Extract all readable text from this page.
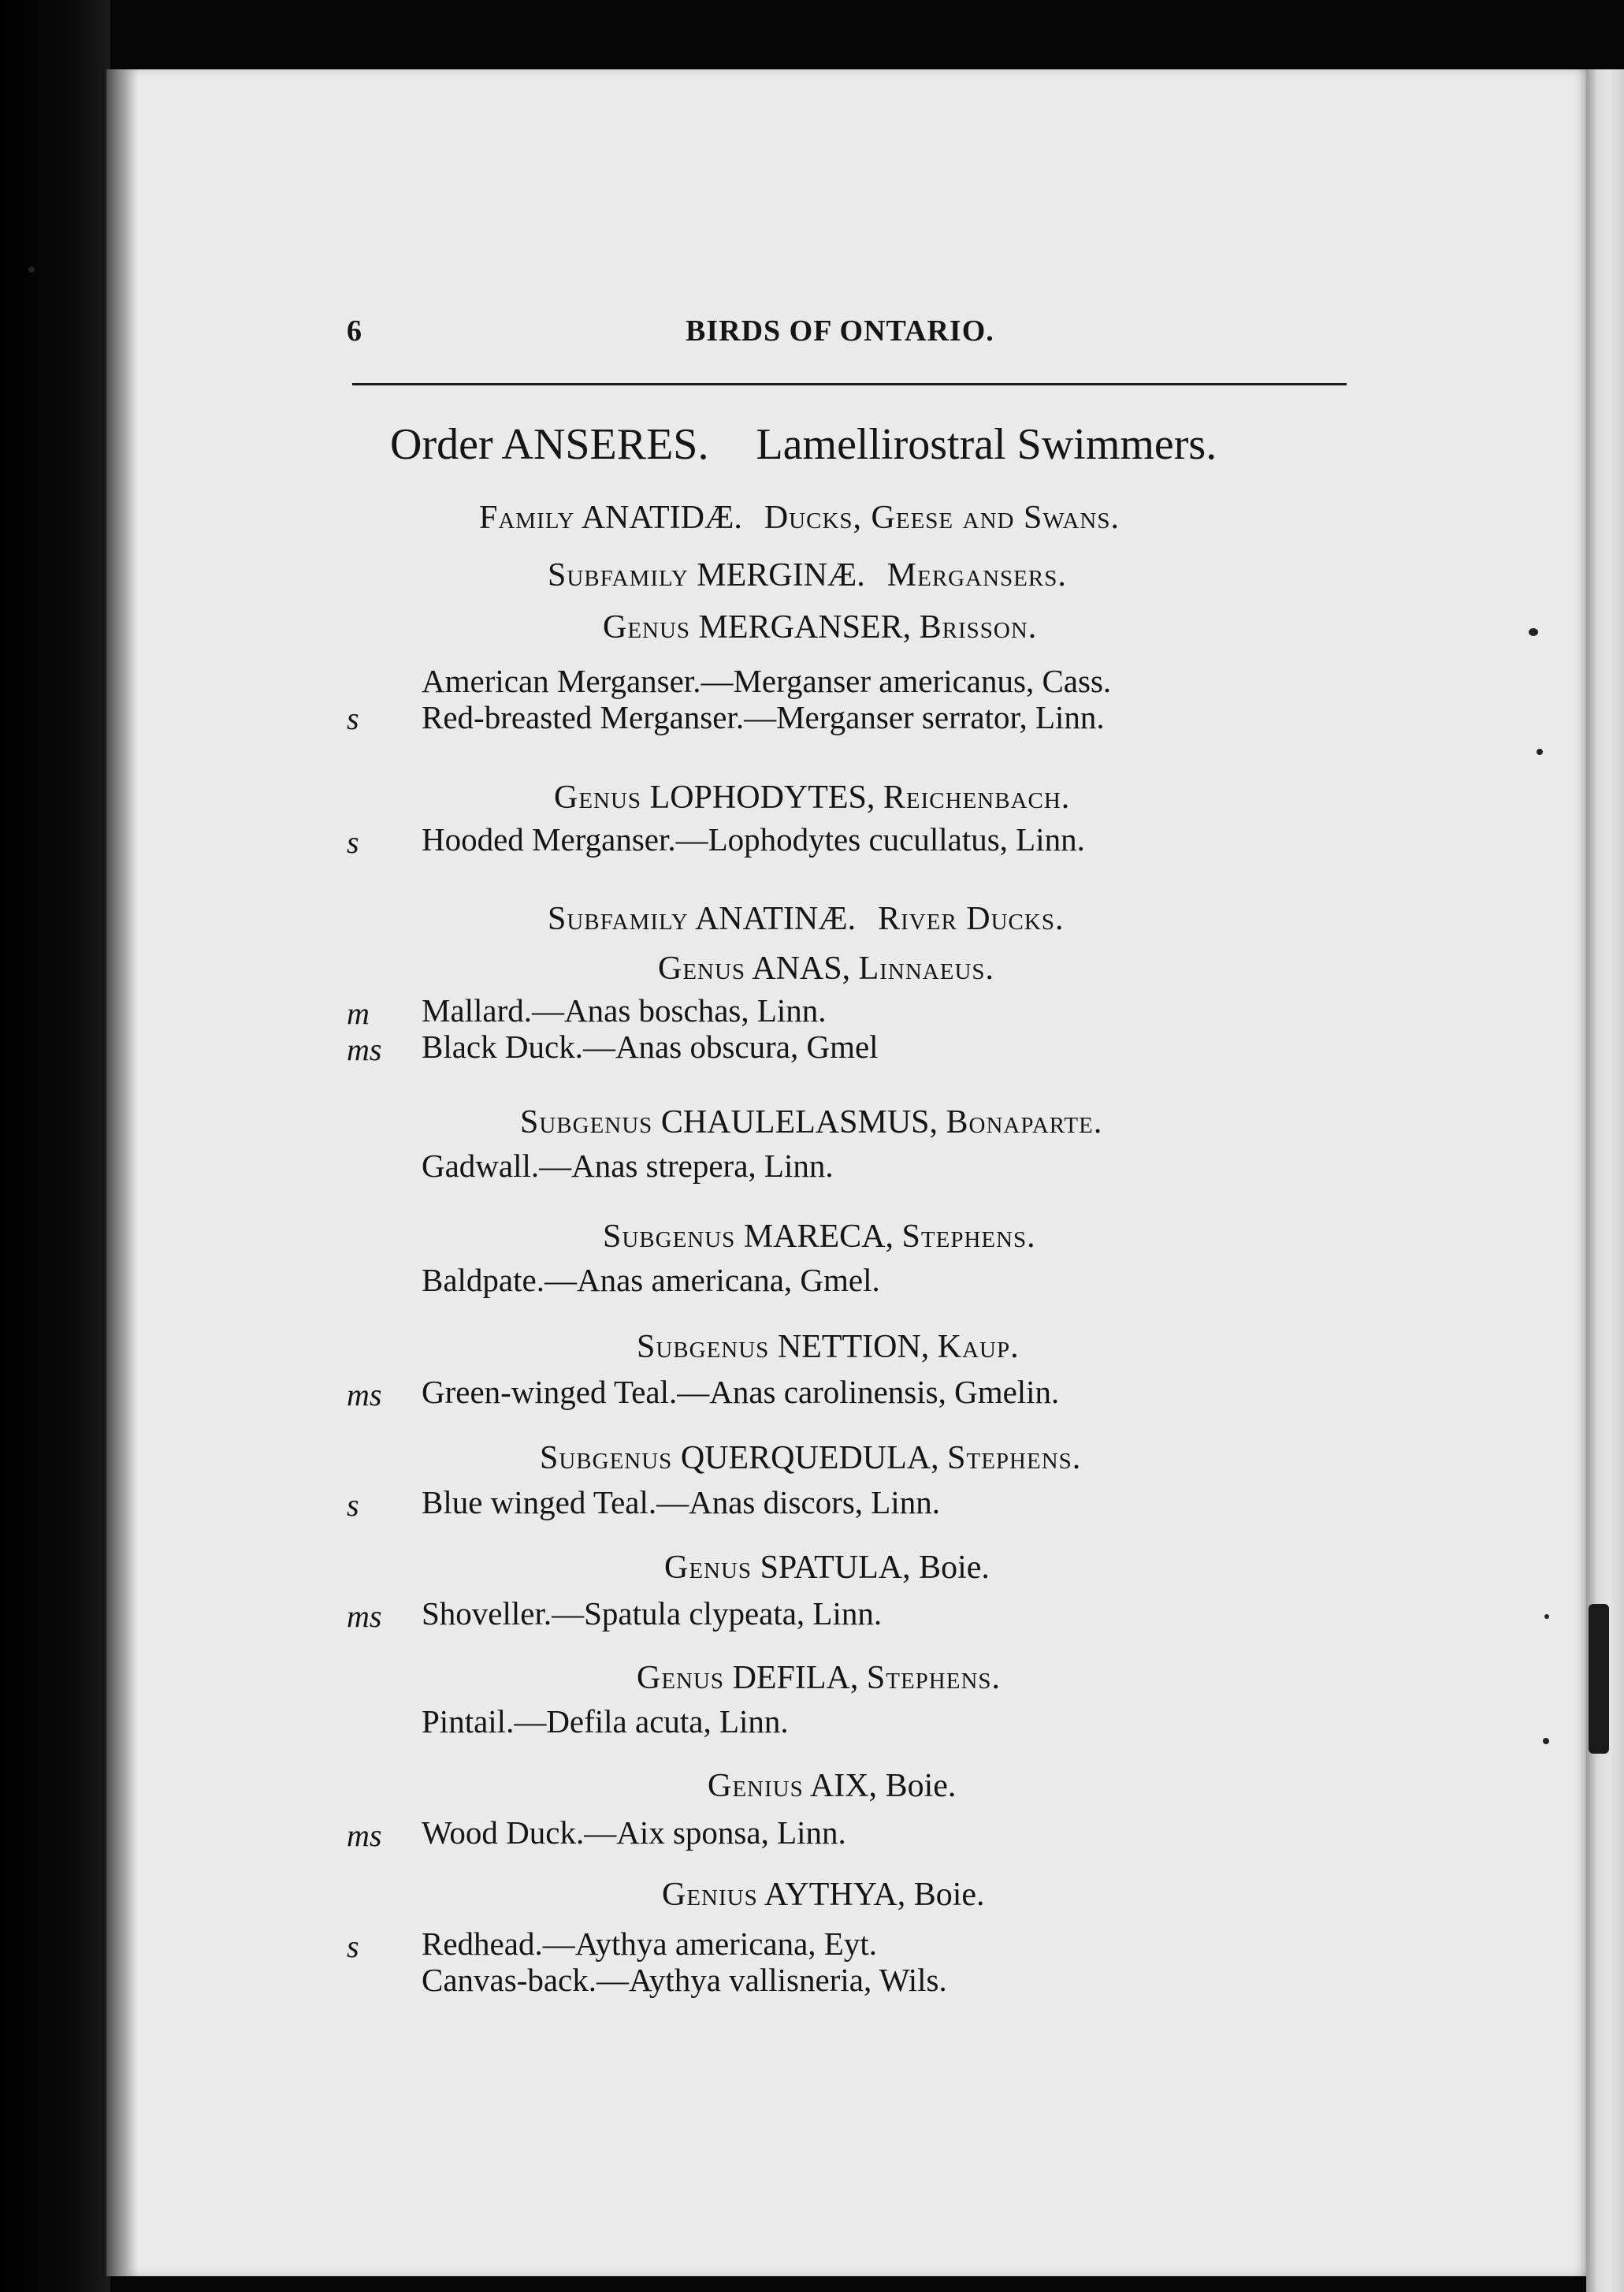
6	BIRDS OF ONTARIO.
Order ANSERES. Lamellirostral Swimmers.
Family ANATIDÆ. Ducks, Geese and Swans.
Subfamily MERGINÆ. Mergansers.
Genus MERGANSER, Brisson.
American Merganser.—Merganser americanus, Cass.
s Red-breasted Merganser.—Merganser serrator, Linn.
Genus LOPHODYTES, Reichenbach.
s Hooded Merganser.—Lophodytes cucullatus, Linn.
Subfamily ANATINÆ. River Ducks.
Genus ANAS, Linnaeus.
m Mallard.—Anas boschas, Linn.
ms Black Duck.—Anas obscura, Gmel
Subgenus CHAULELASMUS, Bonaparte.
Gadwall.—Anas strepera, Linn.
Subgenus MARECA, Stephens.
Baldpate.—Anas americana, Gmel.
Subgenus NETTION, Kaup.
ms Green-winged Teal.—Anas carolinensis, Gmelin.
Subgenus QUERQUEDULA, Stephens.
s Blue winged Teal.—Anas discors, Linn.
Genus SPATULA, Boie.
ms Shoveller.—Spatula clypeata, Linn.
Genus DEFILA, Stephens.
Pintail.—Defila acuta, Linn.
Genius AIX, Boie.
ms Wood Duck.—Aix sponsa, Linn.
Genius AYTHYA, Boie.
s Redhead.—Aythya americana, Eyt.
Canvas-back.—Aythya vallisneria, Wils.
